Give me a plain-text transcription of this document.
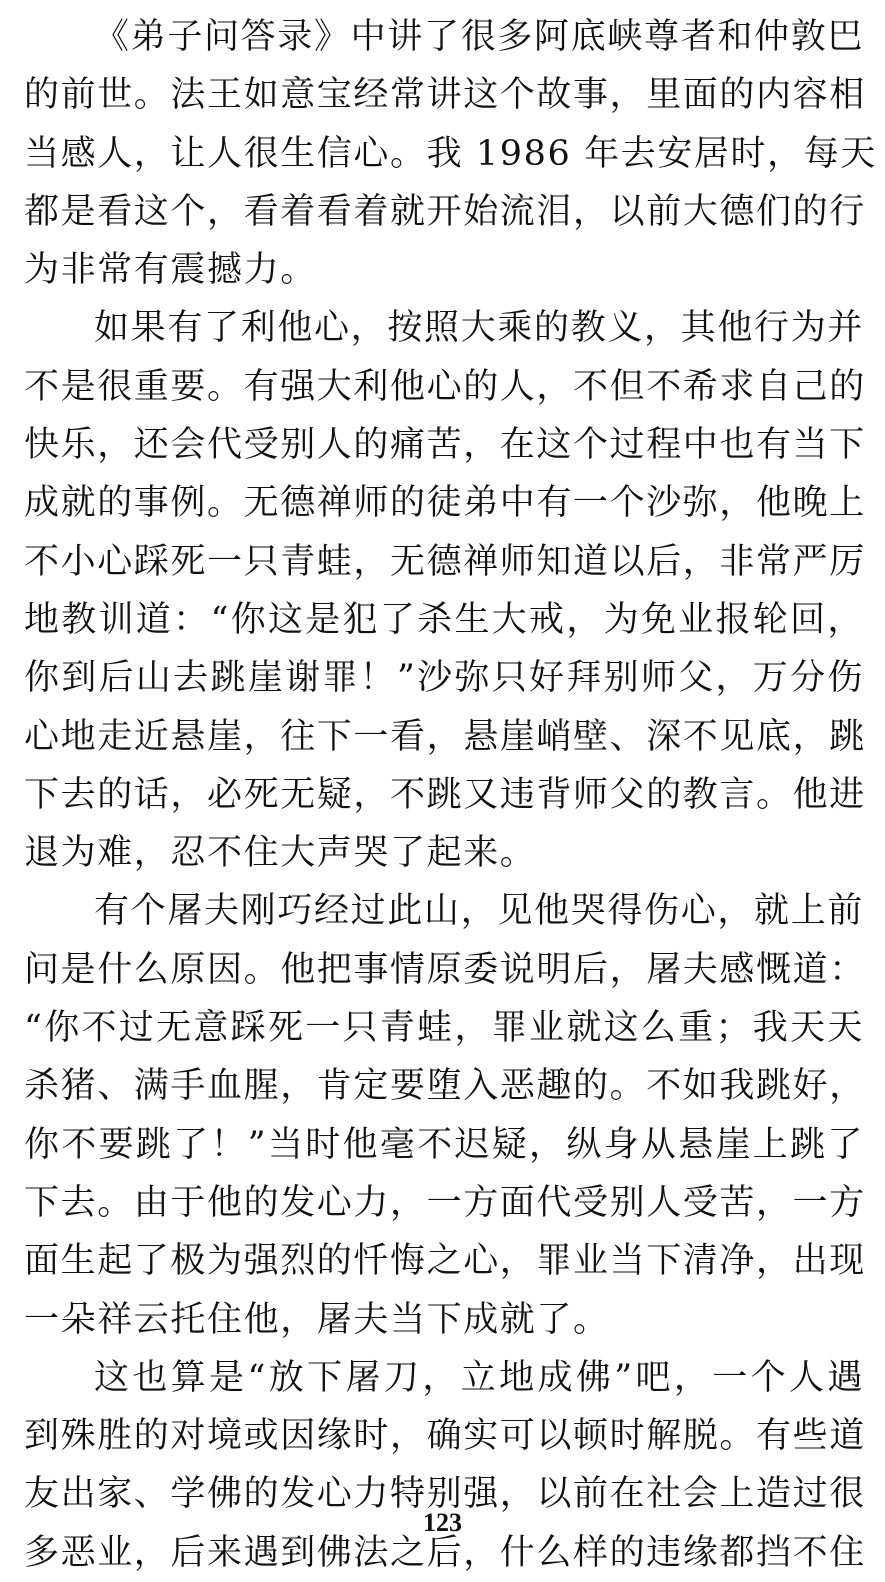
《弟子问答录》中讲了很多阿底峡尊者和仲敦巴
的前世。法王如意宝经常讲这个故事，里面的内容相
当感人，让人很生信心。我 1986 年去安居时，每天
都是看这个，看着看着就开始流泪，以前大德们的行
为非常有震撼力。
如果有了利他心，按照大乘的教义，其他行为并
不是很重要。有强大利他心的人，不但不希求自己的
快乐，还会代受别人的痛苦，在这个过程中也有当下
成就的事例。无德禅师的徒弟中有一个沙弥，他晚上
不小心踩死一只青蛙，无德禅师知道以后，非常严厉
地教训道：“你这是犯了杀生大戒，为免业报轮回，
你到后山去跳崖谢罪！”沙弥只好拜别师父，万分伤
心地走近悬崖，往下一看，悬崖峭壁、深不见底，跳
下去的话，必死无疑，不跳又违背师父的教言。他进
退为难，忍不住大声哭了起来。
有个屠夫刚巧经过此山，见他哭得伤心，就上前
问是什么原因。他把事情原委说明后，屠夫感慨道：
“你不过无意踩死一只青蛙，罪业就这么重；我天天
杀猪、满手血腥，肯定要堕入恶趣的。不如我跳好，
你不要跳了！”当时他毫不迟疑，纵身从悬崖上跳了
下去。由于他的发心力，一方面代受别人受苦，一方
面生起了极为强烈的忏悔之心，罪业当下清净，出现
一朵祥云托住他，屠夫当下成就了。
这也算是“放下屠刀，立地成佛”吧，一个人遇
到殊胜的对境或因缘时，确实可以顿时解脱。有些道
友出家、学佛的发心力特别强，以前在社会上造过很
多恶业，后来遇到佛法之后，什么样的违缘都挡不住
123
